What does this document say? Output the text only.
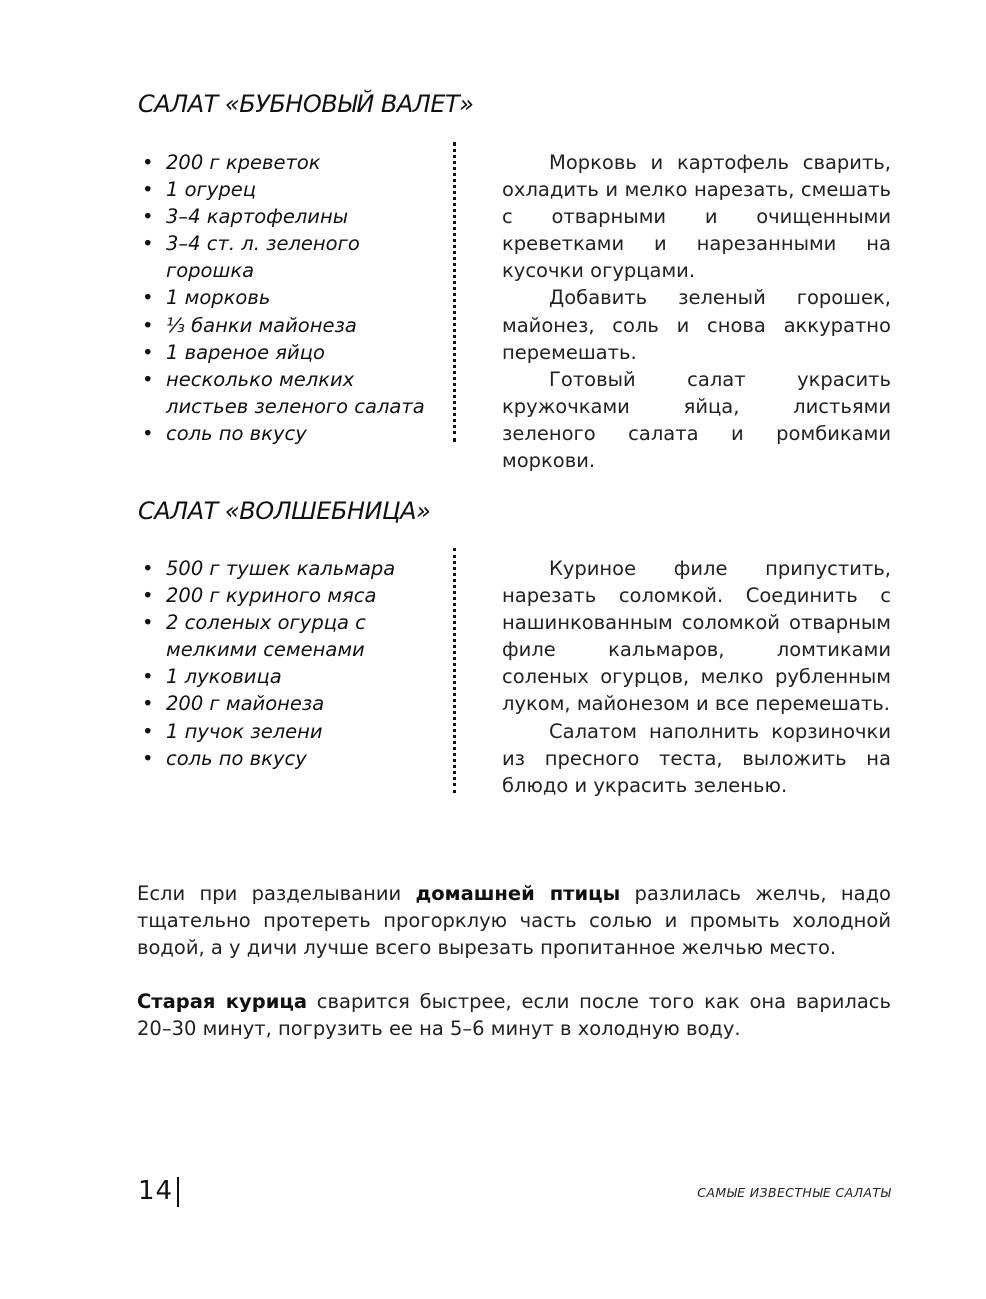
САЛАТ «БУБНОВЫЙ ВАЛЕТ»
• 200 г креветок
• 1 огурец
• 3–4 картофелины
• 3–4 ст. л. зеленого горошка
• 1 морковь
• ⅓ банки майонеза
• 1 вареное яйцо
• несколько мелких листьев зеленого салата
• соль по вкусу

Морковь и картофель сварить, охладить и мелко нарезать, смешать с отварными и очищенными креветками и нарезанными на кусочки огурцами.

Добавить зеленый горошек, майонез, соль и снова аккуратно перемешать.

Готовый салат украсить кружочками яйца, листьями зеленого салата и ромбиками моркови.

САЛАТ «ВОЛШЕБНИЦА»
• 500 г тушек кальмара
• 200 г куриного мяса
• 2 соленых огурца с мелкими семенами
• 1 луковица
• 200 г майонеза
• 1 пучок зелени
• соль по вкусу

Куриное филе припустить, нарезать соломкой. Соединить с нашинкованным соломкой отварным филе кальмаров, ломтиками соленых огурцов, мелко рубленным луком, майонезом и все перемешать.

Салатом наполнить корзиночки из пресного теста, выложить на блюдо и украсить зеленью.

Если при разделывании домашней птицы разлилась желчь, надо тщательно протереть прогорклую часть солью и промыть холодной водой, а у дичи лучше всего вырезать пропитанное желчью место.

Старая курица сварится быстрее, если после того как она варилась 20–30 минут, погрузить ее на 5–6 минут в холодную воду.

14	САМЫЕ ИЗВЕСТНЫЕ САЛАТЫ
